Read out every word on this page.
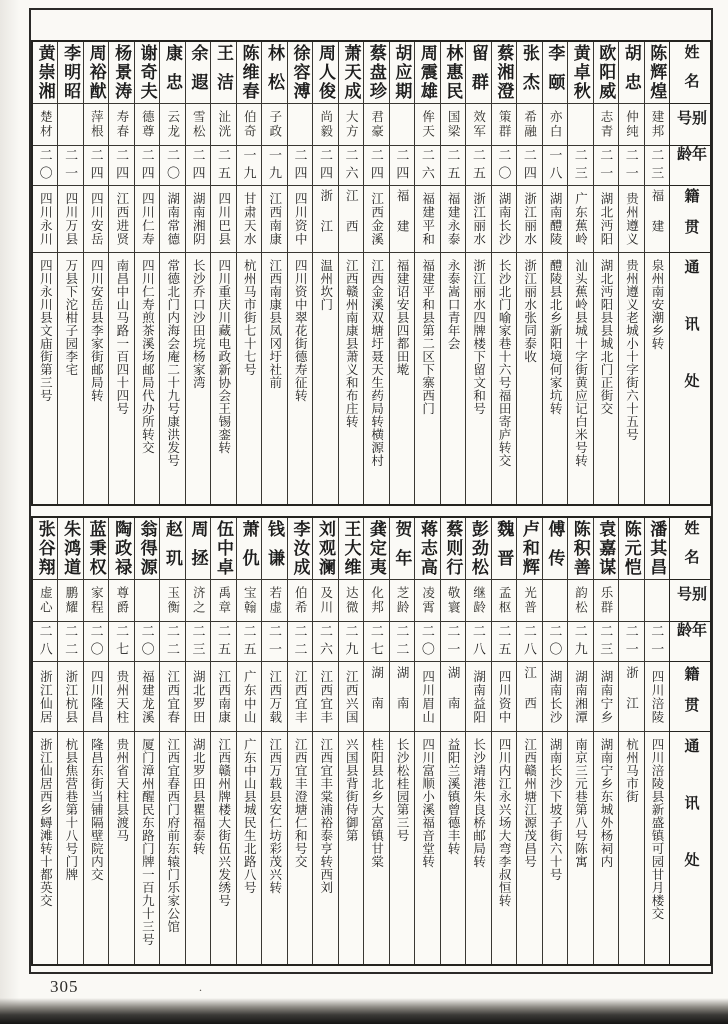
姓名
别号
年龄
籍贯
通讯处
陈辉煌
建邦
二三
福建
泉州南安潮乡转
胡忠
仲纯
二一
贵州遵义
贵州遵义老城小十字街六十五号
欧阳威
志青
二一
湖北沔阳
湖北沔阳县县城北门正街交
黄卓秋
二三
广东蕉岭
汕头蕉岭县城十字街黄应记白米号转
李颐
亦白
一八
湖南醴陵
醴陵县北乡新阳境何家坑转
张杰
希融
二四
浙江丽水
浙江丽水张同泰收
蔡湘澄
策群
二〇
湖南长沙
长沙北门喻家巷十六号福田寄庐转交
留群
效军
二五
浙江丽水
浙江丽水四牌楼下留文和号
林惠民
国梁
二五
福建永泰
永泰嵩口青年会
周震雄
侔天
二六
福建平和
福建平和县第二区下寨西门
胡应期
二四
福建
福建诏安县四都田墘
蔡盘珍
君豪
二四
江西金溪
江西金溪双塘圩聂天生药局转横源村
萧天成
大方
二六
江西
江西赣州南康县萧义和布庄转
周人俊
尚毅
二四
浙江
温州坎门
徐容溥
二四
四川资中
四川资中翠花街德寿征转
林松
子政
一九
江西南康
江西南康县凤冈圩社前
陈维春
伯奇
一九
甘肃天水
杭州马市街七十七号
王洁
沚洸
二五
四川巴县
四川重庆川藏电政新协会王锡銮转
余遐
雪松
二四
湖南湘阴
长沙乔口沙田垸杨家湾
康忠
云龙
二〇
湖南常德
常德北门内海会庵二十九号康洪发号
谢奇夫
德尊
二四
四川仁寿
四川仁寿煎茶溪场邮局代办所转交
杨景涛
寿春
二四
江西进贤
南昌中山马路一百四十四号
周裕猷
萍根
二四
四川安岳
四川安岳县李家街邮局转
李明昭
二一
四川万县
万县下沱柑子园李宅
黄崇湘
楚材
二〇
四川永川
四川永川县文庙街第三号
姓名
别号
年龄
籍贯
通讯处
潘其昌
二一
四川涪陵
四川涪陵县新盛镇可园甘月楼交
陈元恺
二一
浙江
杭州马市街
袁嘉谋
乐群
二三
湖南宁乡
湖南宁乡东城外杨祠内
陈积善
韵松
二九
湖南湘潭
南京三元巷第八号陈寓
傅传
二〇
湖南长沙
湖南长沙下坡子街六十号
卢和辉
光普
二八
江西
江西赣州塘江源茂昌号
魏晋
孟枢
二五
四川资中
四川内江永兴场大弯李叔恒转
彭劲松
继龄
二八
湖南益阳
长沙靖港朱良桥邮局转
蔡则行
敬寰
二一
湖南
益阳兰溪镇曾德丰转
蒋志高
凌霄
二〇
四川眉山
四川富顺小溪福音堂转
贺年
芝龄
二二
湖南
长沙松桂园第三号
龚定夷
化邦
二七
湖南
桂阳县北乡大富镇甘棠
王大维
达微
二九
江西兴国
兴国县背街侍御第
刘观澜
及川
二六
江西宜丰
江西宜丰棠浦裕泰亨转西刘
李汝成
伯希
二二
江西宜丰
江西宜丰澄塘仁和号交
钱谦
若虚
二一
江西万载
江西万载县安仁坊彩茂兴转
萧仇
宝翰
二五
广东中山
广东中山县城民生北路八号
伍中卓
禹章
二五
江西南康
江西赣州牌楼大街伍兴发绣号
周拯
济之
二三
湖北罗田
湖北罗田县瞿福泰转
赵玑
玉衡
二二
江西宜春
江西宜春西门府前东辕门乐家公馆
翁得源
二〇
福建龙溪
厦门漳州醒民东路门牌一百九十三号
陶政禄
尊爵
二七
贵州天柱
贵州省天柱县渡马
蓝秉权
家程
二〇
四川隆昌
隆昌东街当铺隔壁院内交
朱鸿道
鹏耀
二二
浙江杭县
杭县焦营巷第十八号门牌
张谷翔
虚心
二八
浙江仙居
浙江仙居西乡蟳滩转十都英交
305	.
